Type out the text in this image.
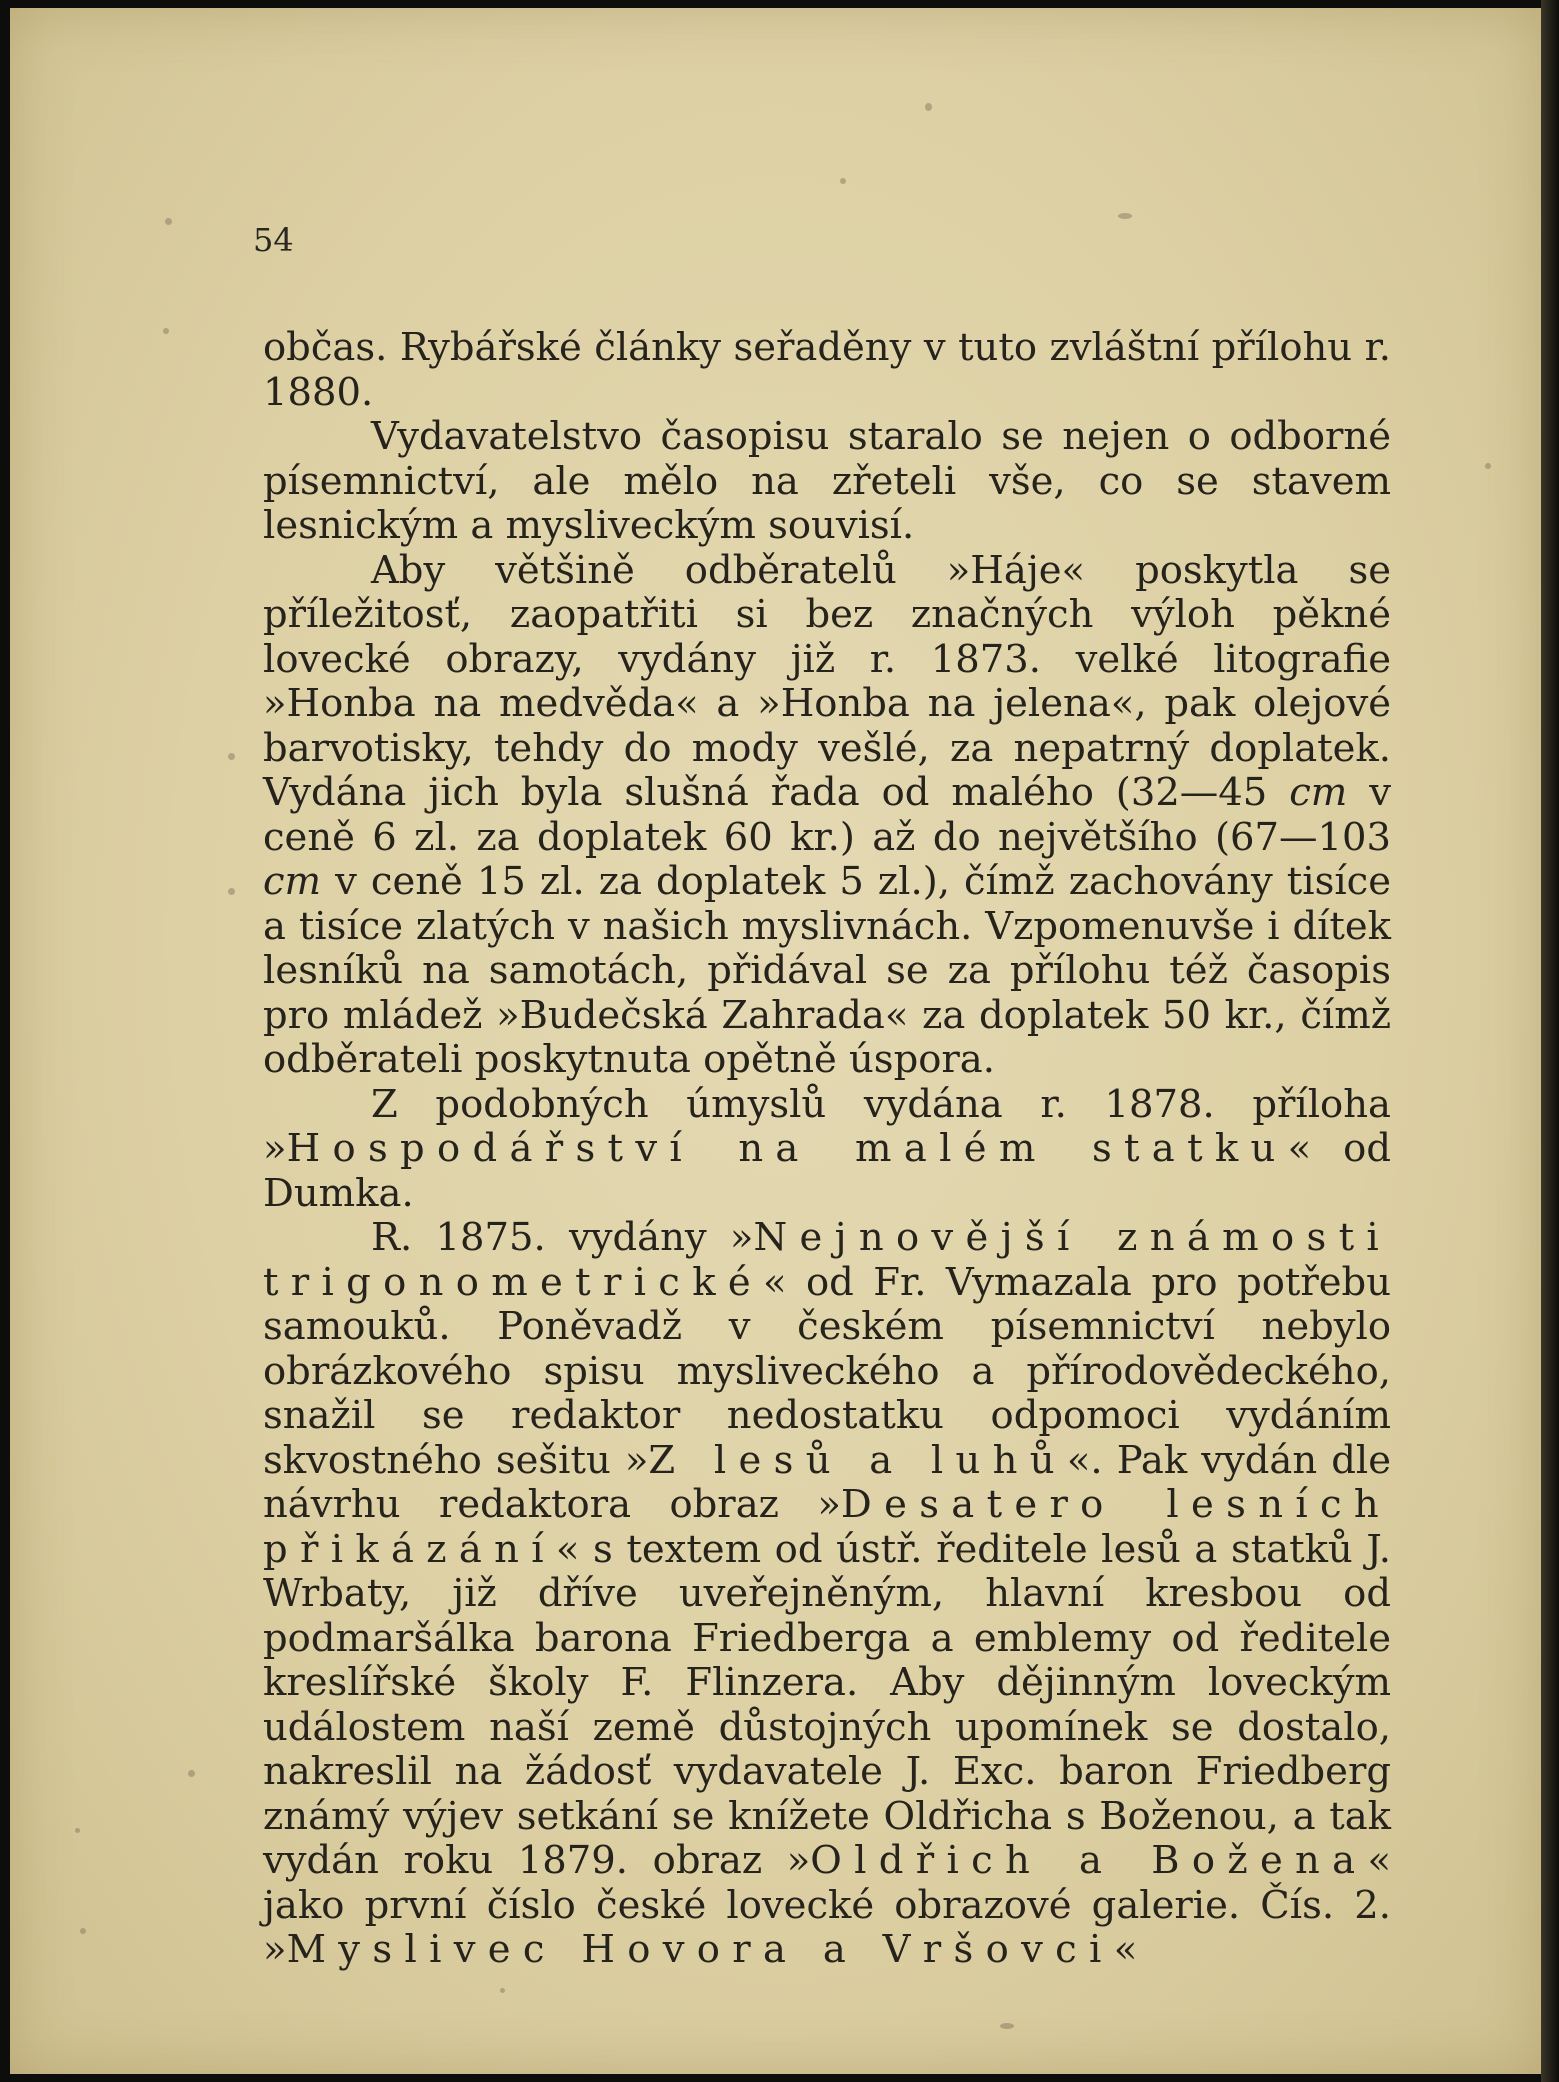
54

občas. Rybářské články seřaděny v tuto zvláštní přílohu r. 1880.

Vydavatelstvo časopisu staralo se nejen o odborné písemnictví, ale mělo na zřeteli vše, co se stavem lesnickým a mysliveckým souvisí.

Aby většině odběratelů »Háje« poskytla se příležitosť, zaopatřiti si bez značných výloh pěkné lovecké obrazy, vydány již r. 1873. velké litografie »Honba na medvěda« a »Honba na jelena«, pak olejové barvotisky, tehdy do mody vešlé, za nepatrný doplatek. Vydána jich byla slušná řada od malého (32—45 cm v ceně 6 zl. za doplatek 60 kr.) až do největšího (67—103 cm v ceně 15 zl. za doplatek 5 zl.), čímž zachovány tisíce a tisíce zlatých v našich myslivnách. Vzpomenuvše i dítek lesníků na samotách, přidával se za přílohu též časopis pro mládež »Budečská Zahrada« za doplatek 50 kr., čímž odběrateli poskytnuta opětně úspora.

Z podobných úmyslů vydána r. 1878. příloha »Hospodářství na malém statku« od Dumka.

R. 1875. vydány »Nejnovější známosti trigonometrické« od Fr. Vymazala pro potřebu samouků. Poněvadž v českém písemnictví nebylo obrázkového spisu mysliveckého a přírodovědeckého, snažil se redaktor nedostatku odpomoci vydáním skvostného sešitu »Z lesů a luhů«. Pak vydán dle návrhu redaktora obraz »Desatero lesních přikázání« s textem od ústř. ředitele lesů a statků J. Wrbaty, již dříve uveřejněným, hlavní kresbou od podmaršálka barona Friedberga a emblemy od ředitele kreslířské školy F. Flinzera. Aby dějinným loveckým událostem naší země důstojných upomínek se dostalo, nakreslil na žádosť vydavatele J. Exc. baron Friedberg známý výjev setkání se knížete Oldřicha s Boženou, a tak vydán roku 1879. obraz »Oldřich a Božena« jako první číslo české lovecké obrazové galerie. Čís. 2. »Myslivec Hovora a Vršovci«
